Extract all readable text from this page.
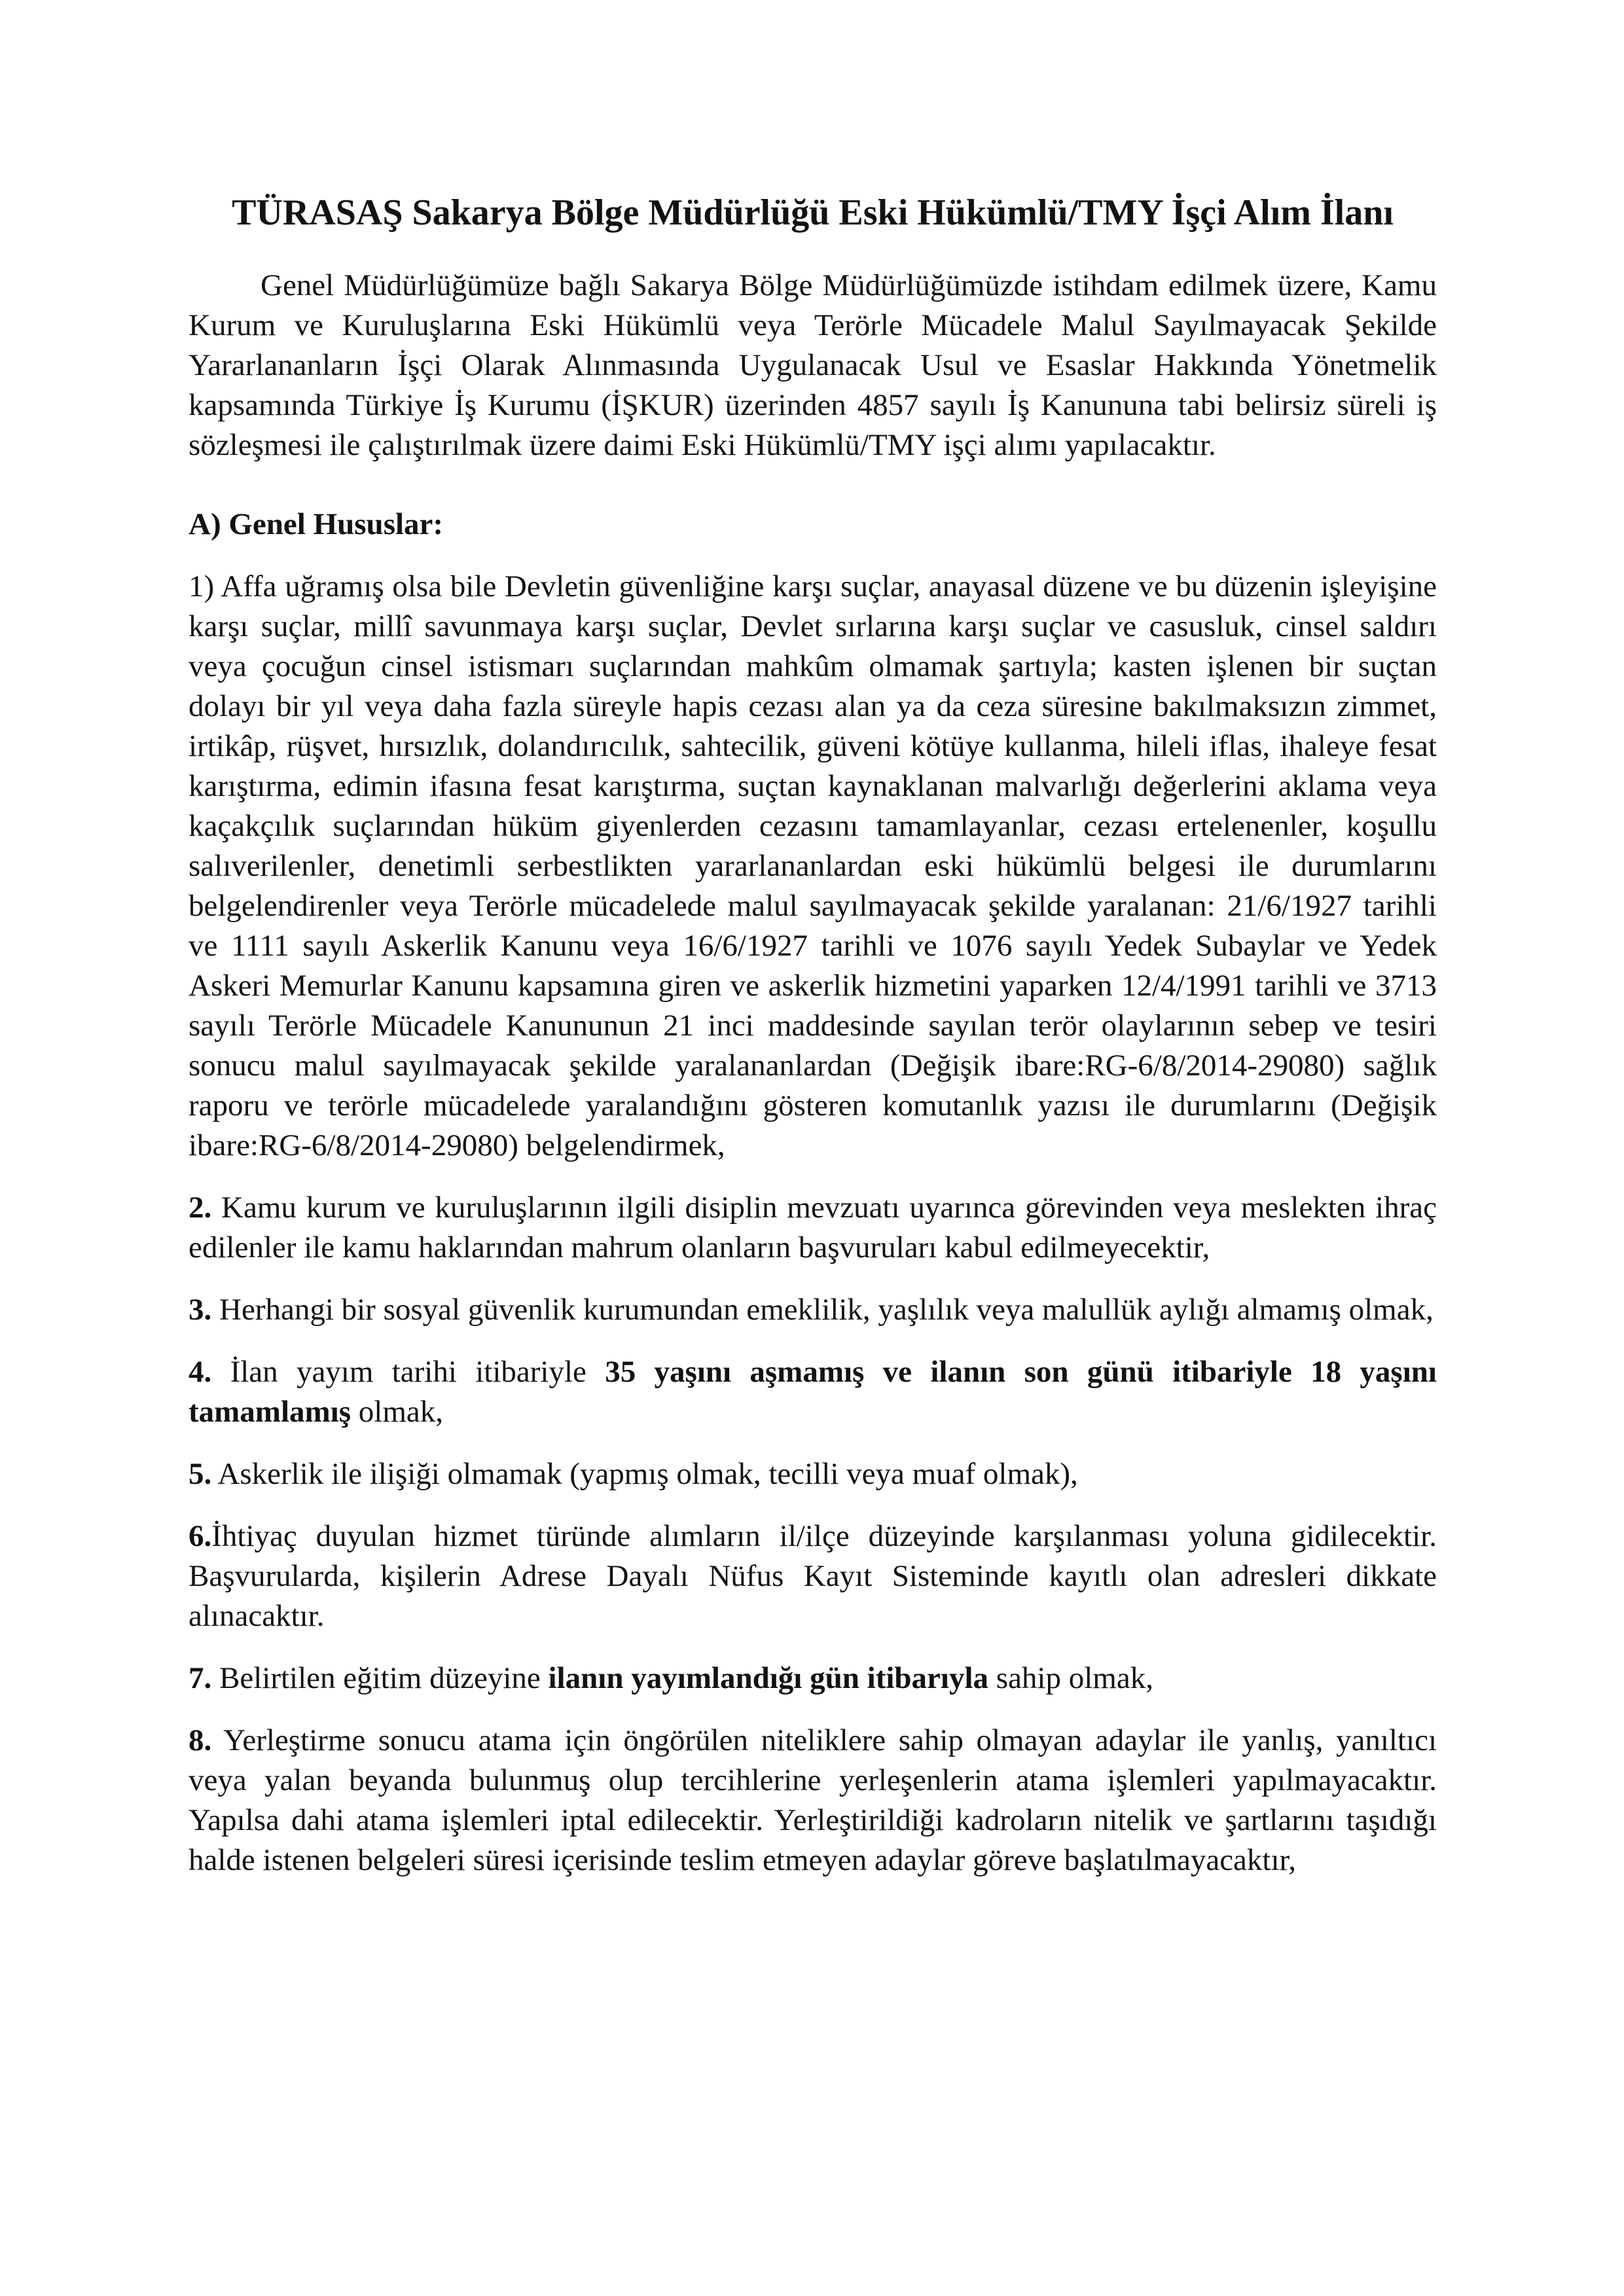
TÜRASAŞ Sakarya Bölge Müdürlüğü Eski Hükümlü/TMY İşçi Alım İlanı

Genel Müdürlüğümüze bağlı Sakarya Bölge Müdürlüğümüzde istihdam edilmek üzere, Kamu Kurum ve Kuruluşlarına Eski Hükümlü veya Terörle Mücadele Malul Sayılmayacak Şekilde Yararlananların İşçi Olarak Alınmasında Uygulanacak Usul ve Esaslar Hakkında Yönetmelik kapsamında Türkiye İş Kurumu (İŞKUR) üzerinden 4857 sayılı İş Kanununa tabi belirsiz süreli iş sözleşmesi ile çalıştırılmak üzere daimi Eski Hükümlü/TMY işçi alımı yapılacaktır.

A) Genel Hususlar:

1) Affa uğramış olsa bile Devletin güvenliğine karşı suçlar, anayasal düzene ve bu düzenin işleyişine karşı suçlar, millî savunmaya karşı suçlar, Devlet sırlarına karşı suçlar ve casusluk, cinsel saldırı veya çocuğun cinsel istismarı suçlarından mahkûm olmamak şartıyla; kasten işlenen bir suçtan dolayı bir yıl veya daha fazla süreyle hapis cezası alan ya da ceza süresine bakılmaksızın zimmet, irtikâp, rüşvet, hırsızlık, dolandırıcılık, sahtecilik, güveni kötüye kullanma, hileli iflas, ihaleye fesat karıştırma, edimin ifasına fesat karıştırma, suçtan kaynaklanan malvarlığı değerlerini aklama veya kaçakçılık suçlarından hüküm giyenlerden cezasını tamamlayanlar, cezası ertelenenler, koşullu salıverilenler, denetimli serbestlikten yararlananlardan eski hükümlü belgesi ile durumlarını belgelendirenler veya Terörle mücadelede malul sayılmayacak şekilde yaralanan: 21/6/1927 tarihli ve 1111 sayılı Askerlik Kanunu veya 16/6/1927 tarihli ve 1076 sayılı Yedek Subaylar ve Yedek Askeri Memurlar Kanunu kapsamına giren ve askerlik hizmetini yaparken 12/4/1991 tarihli ve 3713 sayılı Terörle Mücadele Kanununun 21 inci maddesinde sayılan terör olaylarının sebep ve tesiri sonucu malul sayılmayacak şekilde yaralananlardan (Değişik ibare:RG-6/8/2014-29080) sağlık raporu ve terörle mücadelede yaralandığını gösteren komutanlık yazısı ile durumlarını (Değişik ibare:RG-6/8/2014-29080) belgelendirmek,

2. Kamu kurum ve kuruluşlarının ilgili disiplin mevzuatı uyarınca görevinden veya meslekten ihraç edilenler ile kamu haklarından mahrum olanların başvuruları kabul edilmeyecektir,

3. Herhangi bir sosyal güvenlik kurumundan emeklilik, yaşlılık veya malullük aylığı almamış olmak,

4. İlan yayım tarihi itibariyle 35 yaşını aşmamış ve ilanın son günü itibariyle 18 yaşını tamamlamış olmak,

5. Askerlik ile ilişiği olmamak (yapmış olmak, tecilli veya muaf olmak),

6.İhtiyaç duyulan hizmet türünde alımların il/ilçe düzeyinde karşılanması yoluna gidilecektir. Başvurularda, kişilerin Adrese Dayalı Nüfus Kayıt Sisteminde kayıtlı olan adresleri dikkate alınacaktır.

7. Belirtilen eğitim düzeyine ilanın yayımlandığı gün itibarıyla sahip olmak,

8. Yerleştirme sonucu atama için öngörülen niteliklere sahip olmayan adaylar ile yanlış, yanıltıcı veya yalan beyanda bulunmuş olup tercihlerine yerleşenlerin atama işlemleri yapılmayacaktır. Yapılsa dahi atama işlemleri iptal edilecektir. Yerleştirildiği kadroların nitelik ve şartlarını taşıdığı halde istenen belgeleri süresi içerisinde teslim etmeyen adaylar göreve başlatılmayacaktır,
